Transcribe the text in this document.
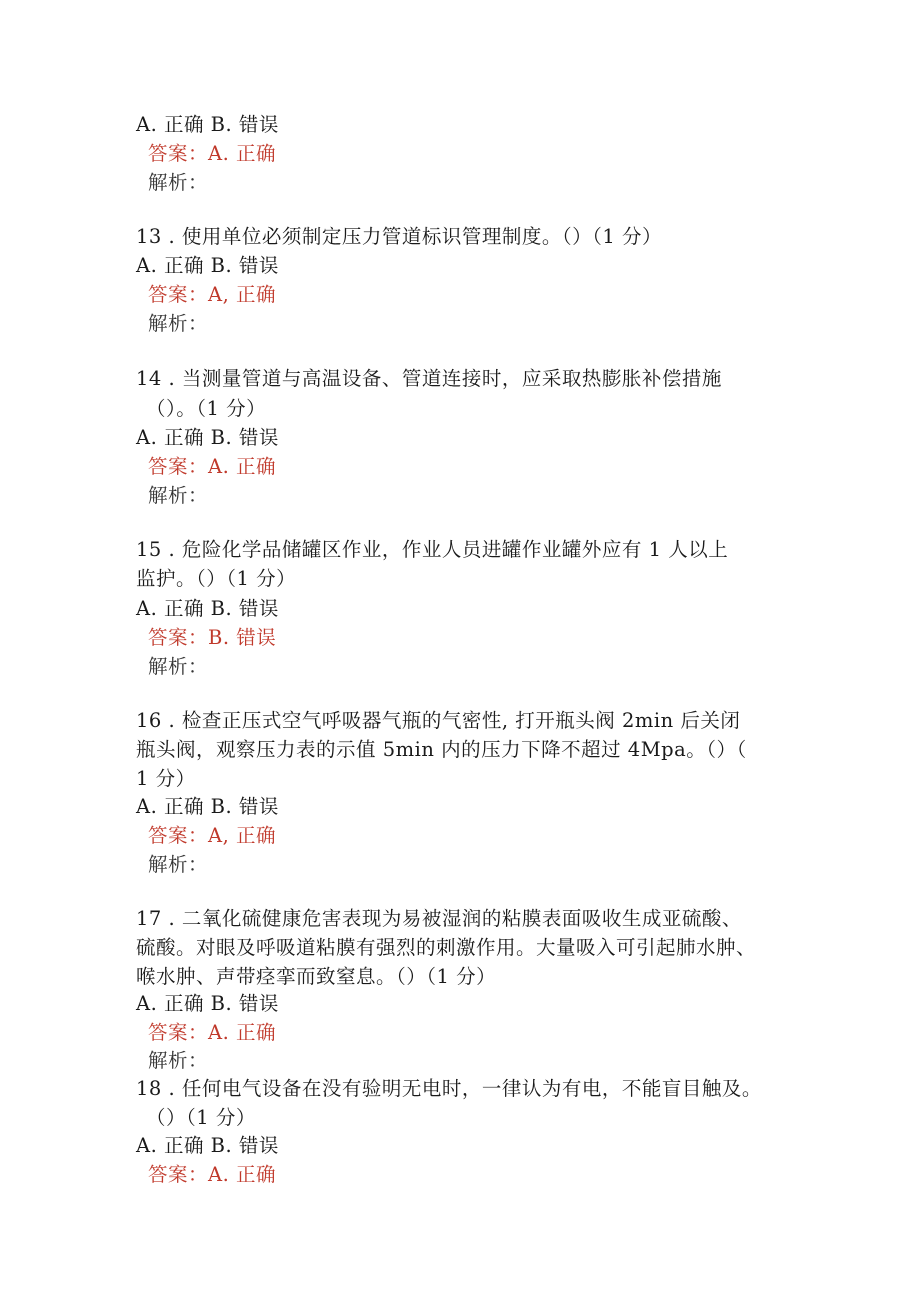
A. 正确 B. 错误
答案：A. 正确
解析：
13 . 使用单位必须制定压力管道标识管理制度。（）（1 分）
A. 正确 B. 错误
答案：A, 正确
解析：
14 . 当测量管道与高温设备、管道连接时，应采取热膨胀补偿措施
（）。（1 分）
A. 正确 B. 错误
答案：A. 正确
解析：
15 . 危险化学品储罐区作业，作业人员进罐作业罐外应有 1 人以上
监护。（）（1 分）
A. 正确 B. 错误
答案：B. 错误
解析：
16 . 检查正压式空气呼吸器气瓶的气密性, 打开瓶头阀 2min 后关闭
瓶头阀，观察压力表的示值 5min 内的压力下降不超过 4Mpa。（）（
1 分）
A. 正确 B. 错误
答案：A, 正确
解析：
17 . 二氧化硫健康危害表现为易被湿润的粘膜表面吸收生成亚硫酸、
硫酸。对眼及呼吸道粘膜有强烈的刺激作用。大量吸入可引起肺水肿、
喉水肿、声带痉挛而致窒息。（）（1 分）
A. 正确 B. 错误
答案：A. 正确
解析：
18 . 任何电气设备在没有验明无电时，一律认为有电，不能盲目触及。
（）（1 分）
A. 正确 B. 错误
答案：A. 正确
